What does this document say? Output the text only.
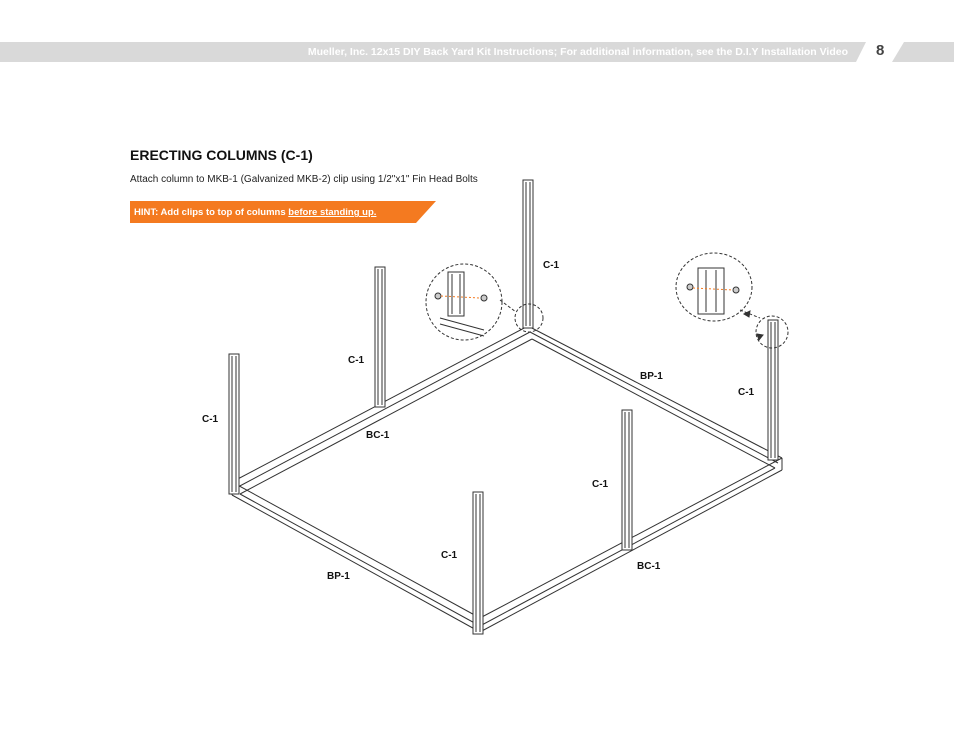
Mueller, Inc. 12x15 DIY Back Yard Kit Instructions; For additional information, see the D.I.Y Installation Video 8
ERECTING COLUMNS (C-1)
Attach column to MKB-1 (Galvanized MKB-2) clip using 1/2"x1" Fin Head Bolts
HINT: Add clips to top of columns before standing up.
C-1
C-1
C-1
C-1
C-1
C-1
BC-1
BC-1
BP-1
BP-1
